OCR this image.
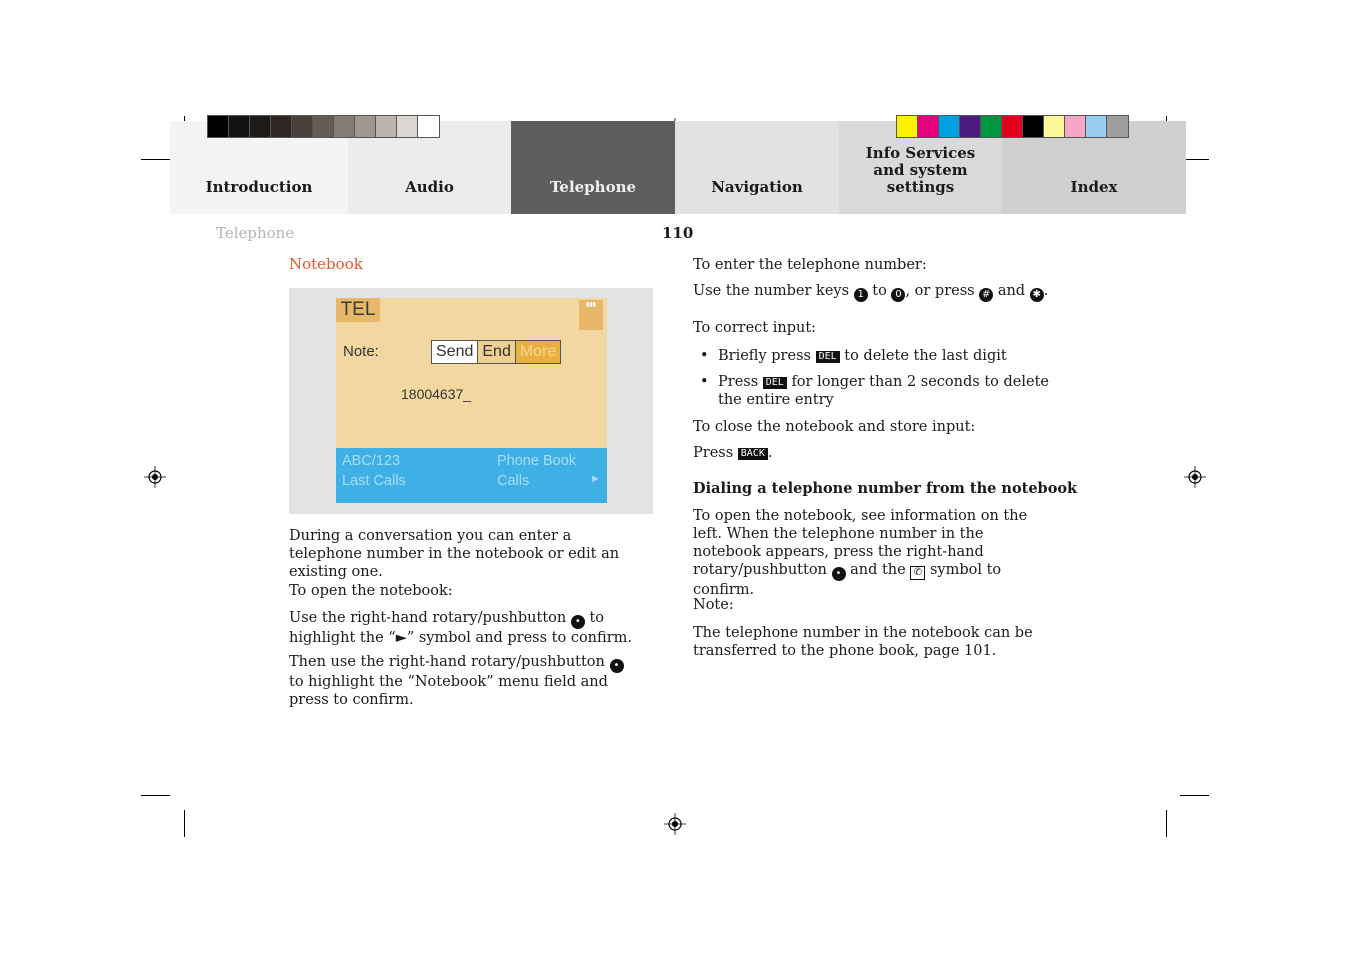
Introduction	Audio	Telephone	Navigation
Info Services and system settings	Index
Telephone	110
Notebook
TEL	▮▮▮
Note:	Send End More
18004637_
ABC/123
Last Calls
Phone Book
Calls	►
During a conversation you can enter a telephone number in the notebook or edit an existing one.
To open the notebook:
Use the right-hand rotary/pushbutton • to highlight the “►” symbol and press to confirm.
Then use the right-hand rotary/pushbutton • to highlight the “Notebook” menu field and press to confirm.
To enter the telephone number:
Use the number keys 1 to 0 , or press # and ✱ .
To correct input:
• Briefly press DEL to delete the last digit
• Press DEL for longer than 2 seconds to delete the entire entry
To close the notebook and store input:
Press BACK .
Dialing a telephone number from the notebook
To open the notebook, see information on the left. When the telephone number in the notebook appears, press the right-hand rotary/pushbutton • and the ✆ symbol to confirm.
Note:
The telephone number in the notebook can be transferred to the phone book, page 101.
